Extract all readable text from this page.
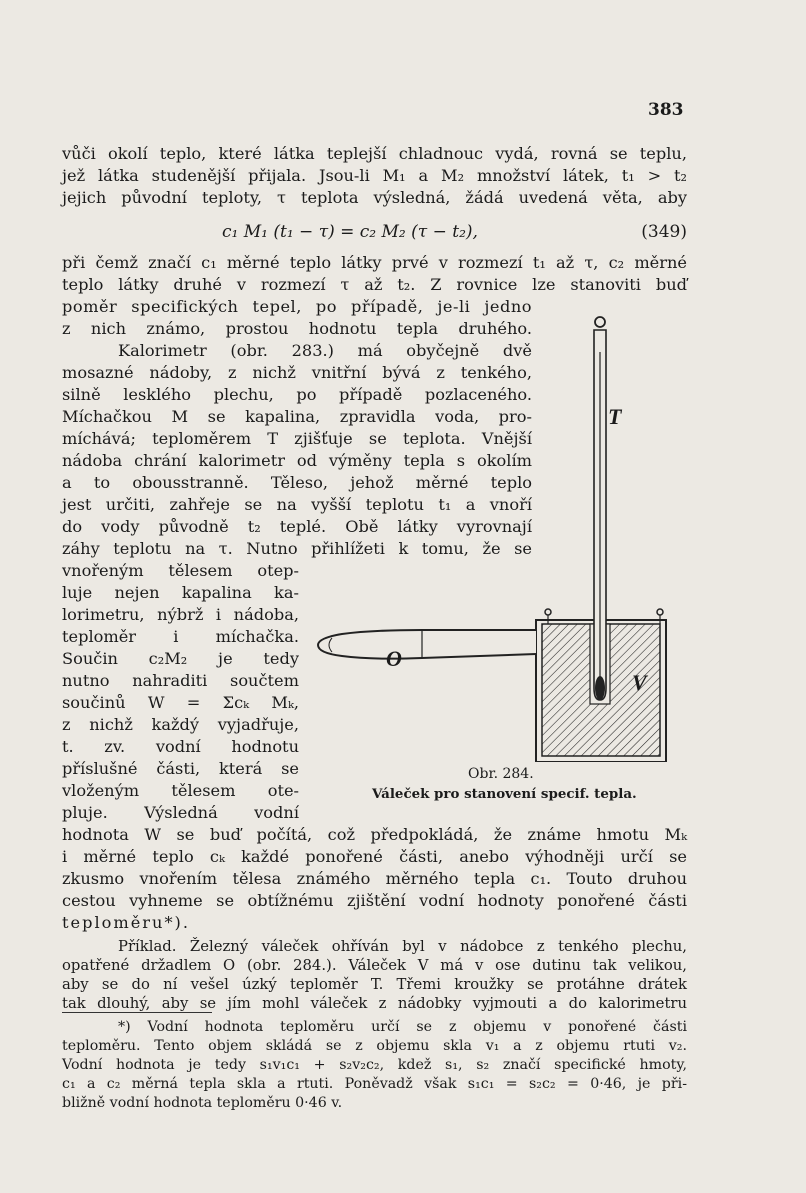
383
vůči okolí teplo, které látka teplejší chladnouc vydá, rovná se teplu,
jež látka studenější přijala. Jsou-li M₁ a M₂ množství látek, t₁ > t₂
jejich původní teploty, τ teplota výsledná, žádá uvedená věta, aby
c₁ M₁ (t₁ − τ) = c₂ M₂ (τ − t₂),	(349)
při čemž značí c₁ měrné teplo látky prvé v rozmezí t₁ až τ, c₂ měrné
teplo látky druhé v rozmezí τ až t₂. Z rovnice lze stanoviti buď
poměr specifických tepel, po případě, je-li jedno
z nich známo, prostou hodnotu tepla druhého.
Kalorimetr (obr. 283.) má obyčejně dvě
mosazné nádoby, z nichž vnitřní bývá z tenkého,
silně lesklého plechu, po případě pozlaceného.
Míchačkou M se kapalina, zpravidla voda, pro-
míchává; teploměrem T zjišťuje se teplota. Vnější
nádoba chrání kalorimetr od výměny tepla s okolím
a to obousstranně. Těleso, jehož měrné teplo
jest určiti, zahřeje se na vyšší teplotu t₁ a vnoří
do vody původně t₂ teplé. Obě látky vyrovnají
záhy teplotu na τ. Nutno přihlížeti k tomu, že se
vnořeným tělesem otep-
luje nejen kapalina ka-
lorimetru, nýbrž i nádoba,
teploměr i míchačka.
Součin c₂M₂ je tedy
nutno nahraditi součtem
součinů W = Σcₖ Mₖ,
z nichž každý vyjadřuje,
t. zv. vodní hodnotu
příslušné části, která se
vloženým tělesem ote-
pluje. Výsledná vodní
hodnota W se buď počítá, což předpokládá, že známe hmotu Mₖ
i měrné teplo cₖ každé ponořené části, anebo výhodněji určí se
zkusmo vnořením tělesa známého měrného tepla c₁. Touto druhou
cestou vyhneme se obtížnému zjištění vodní hodnoty ponořené části
teploměru*).
Příklad. Železný váleček ohříván byl v nádobce z tenkého plechu,
opatřené držadlem O (obr. 284.). Váleček V má v ose dutinu tak velikou,
aby se do ní vešel úzký teploměr T. Třemi kroužky se protáhne drátek
tak dlouhý, aby se jím mohl váleček z nádobky vyjmouti a do kalorimetru
*) Vodní hodnota teploměru určí se z objemu v ponořené části
teploměru. Tento objem skládá se z objemu skla v₁ a z objemu rtuti v₂.
Vodní hodnota je tedy s₁v₁c₁ + s₂v₂c₂, kdež s₁, s₂ značí specifické hmoty,
c₁ a c₂ měrná tepla skla a rtuti. Poněvadž však s₁c₁ = s₂c₂ = 0·46, je při-
bližně vodní hodnota teploměru 0·46 v.
T
O
V
Obr. 284.
Váleček pro stanovení specif. tepla.
